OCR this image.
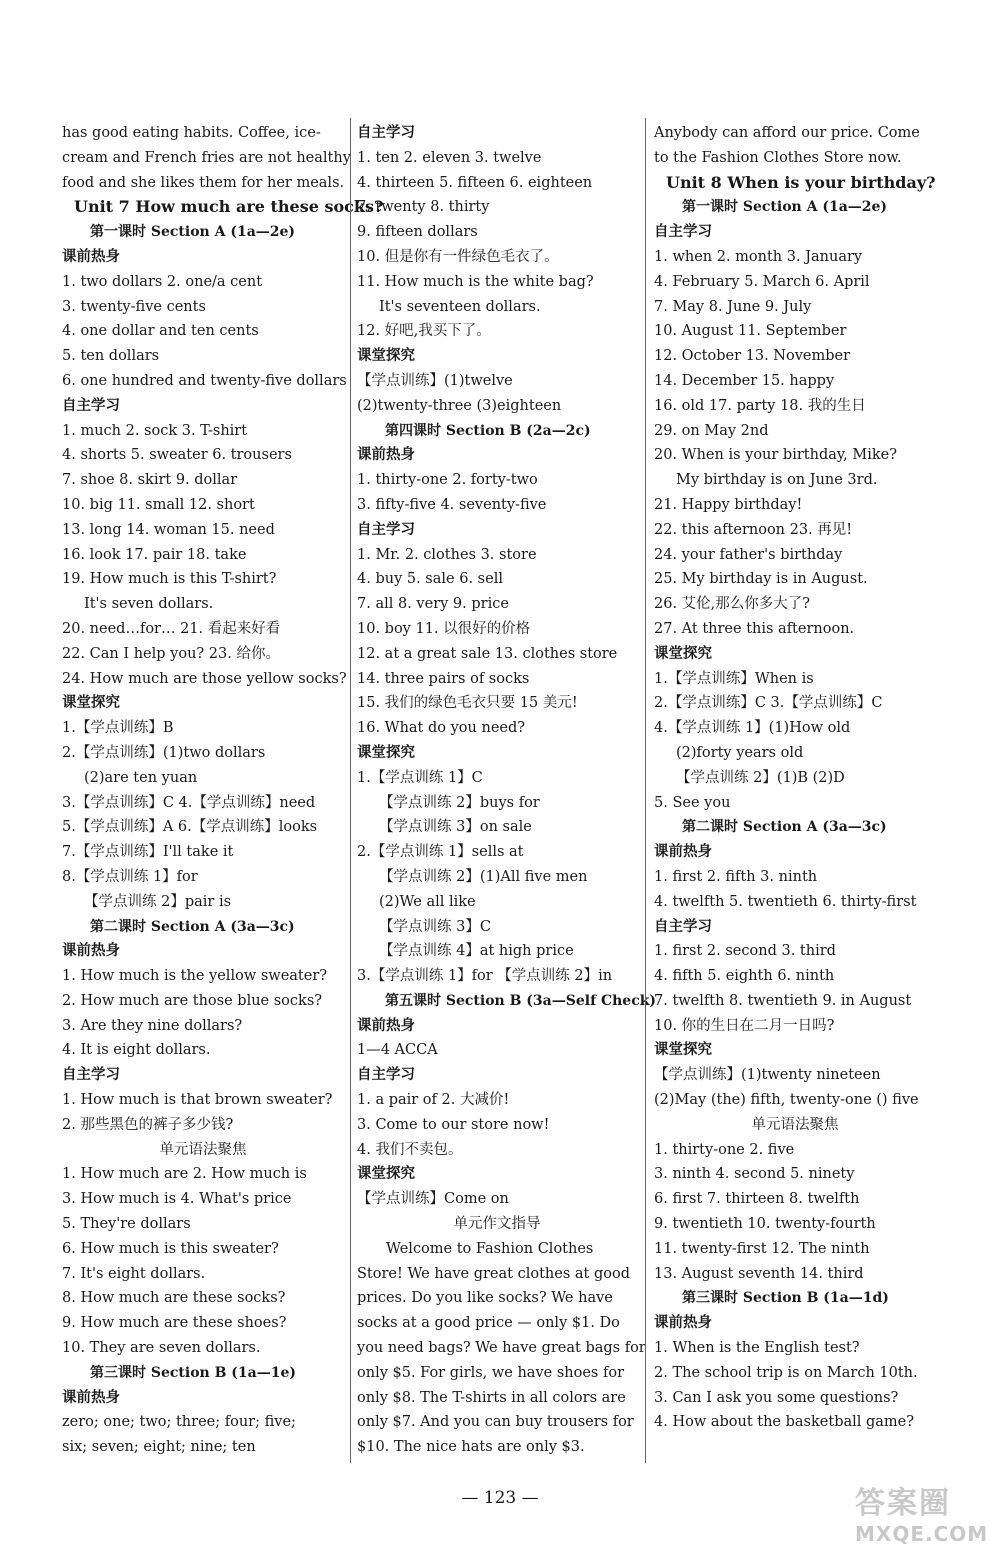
has good eating habits. Coffee, ice-
cream and French fries are not healthy
food and she likes them for her meals.
Unit 7 How much are these socks?
第一课时 Section A (1a—2e)
课前热身
1. two dollars 2. one/a cent
3. twenty-five cents
4. one dollar and ten cents
5. ten dollars
6. one hundred and twenty-five dollars
自主学习
1. much 2. sock 3. T-shirt
4. shorts 5. sweater 6. trousers
7. shoe 8. skirt 9. dollar
10. big 11. small 12. short
13. long 14. woman 15. need
16. look 17. pair 18. take
19. How much is this T-shirt?
It's seven dollars.
20. need…for… 21. 看起来好看
22. Can I help you? 23. 给你。
24. How much are those yellow socks?
课堂探究
1.【学点训练】B
2.【学点训练】(1)two dollars
(2)are ten yuan
3.【学点训练】C 4.【学点训练】need
5.【学点训练】A 6.【学点训练】looks
7.【学点训练】I'll take it
8.【学点训练 1】for
【学点训练 2】pair is
第二课时 Section A (3a—3c)
课前热身
1. How much is the yellow sweater?
2. How much are those blue socks?
3. Are they nine dollars?
4. It is eight dollars.
自主学习
1. How much is that brown sweater?
2. 那些黑色的裤子多少钱?
单元语法聚焦
1. How much are 2. How much is
3. How much is 4. What's price
5. They're dollars
6. How much is this sweater?
7. It's eight dollars.
8. How much are these socks?
9. How much are these shoes?
10. They are seven dollars.
第三课时 Section B (1a—1e)
课前热身
zero; one; two; three; four; five;
six; seven; eight; nine; ten
自主学习
1. ten 2. eleven 3. twelve
4. thirteen 5. fifteen 6. eighteen
7. twenty 8. thirty
9. fifteen dollars
10. 但是你有一件绿色毛衣了。
11. How much is the white bag?
It's seventeen dollars.
12. 好吧,我买下了。
课堂探究
【学点训练】(1)twelve
(2)twenty-three (3)eighteen
第四课时 Section B (2a—2c)
课前热身
1. thirty-one 2. forty-two
3. fifty-five 4. seventy-five
自主学习
1. Mr. 2. clothes 3. store
4. buy 5. sale 6. sell
7. all 8. very 9. price
10. boy 11. 以很好的价格
12. at a great sale 13. clothes store
14. three pairs of socks
15. 我们的绿色毛衣只要 15 美元!
16. What do you need?
课堂探究
1.【学点训练 1】C
【学点训练 2】buys for
【学点训练 3】on sale
2.【学点训练 1】sells at
【学点训练 2】(1)All five men
(2)We all like
【学点训练 3】C
【学点训练 4】at high price
3.【学点训练 1】for 【学点训练 2】in
第五课时 Section B (3a—Self Check)
课前热身
1—4 ACCA
自主学习
1. a pair of 2. 大减价!
3. Come to our store now!
4. 我们不卖包。
课堂探究
【学点训练】Come on
单元作文指导
Welcome to Fashion Clothes
Store! We have great clothes at good
prices. Do you like socks? We have
socks at a good price — only $1. Do
you need bags? We have great bags for
only $5. For girls, we have shoes for
only $8. The T-shirts in all colors are
only $7. And you can buy trousers for
$10. The nice hats are only $3.
Anybody can afford our price. Come
to the Fashion Clothes Store now.
Unit 8 When is your birthday?
第一课时 Section A (1a—2e)
自主学习
1. when 2. month 3. January
4. February 5. March 6. April
7. May 8. June 9. July
10. August 11. September
12. October 13. November
14. December 15. happy
16. old 17. party 18. 我的生日
29. on May 2nd
20. When is your birthday, Mike?
My birthday is on June 3rd.
21. Happy birthday!
22. this afternoon 23. 再见!
24. your father's birthday
25. My birthday is in August.
26. 艾伦,那么你多大了?
27. At three this afternoon.
课堂探究
1.【学点训练】When is
2.【学点训练】C 3.【学点训练】C
4.【学点训练 1】(1)How old
(2)forty years old
【学点训练 2】(1)B (2)D
5. See you
第二课时 Section A (3a—3c)
课前热身
1. first 2. fifth 3. ninth
4. twelfth 5. twentieth 6. thirty-first
自主学习
1. first 2. second 3. third
4. fifth 5. eighth 6. ninth
7. twelfth 8. twentieth 9. in August
10. 你的生日在二月一日吗?
课堂探究
【学点训练】(1)twenty nineteen
(2)May (the) fifth, twenty-one () five
单元语法聚焦
1. thirty-one 2. five
3. ninth 4. second 5. ninety
6. first 7. thirteen 8. twelfth
9. twentieth 10. twenty-fourth
11. twenty-first 12. The ninth
13. August seventh 14. third
第三课时 Section B (1a—1d)
课前热身
1. When is the English test?
2. The school trip is on March 10th.
3. Can I ask you some questions?
4. How about the basketball game?
— 123 —	答案圈
MXQE.COM
